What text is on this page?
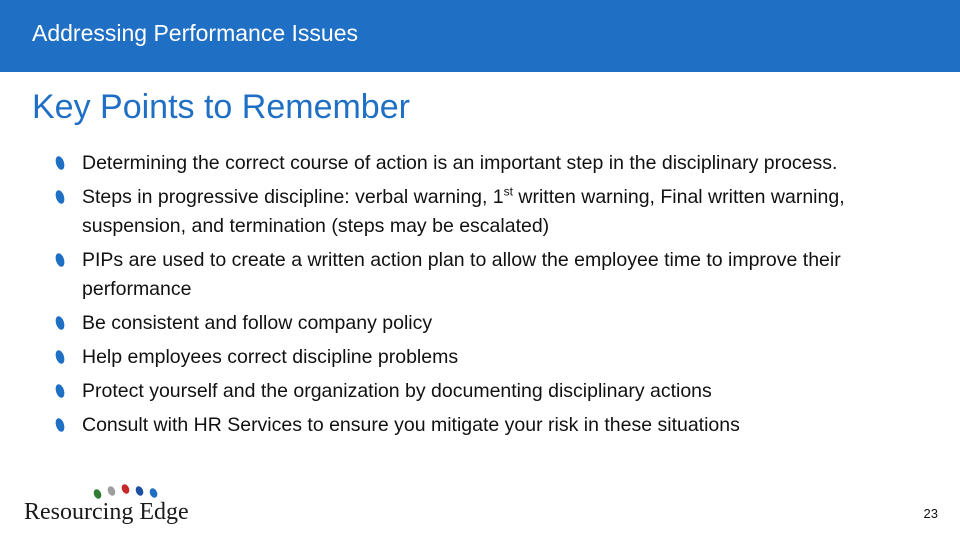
Addressing Performance Issues
Key Points to Remember
Determining the correct course of action is an important step in the disciplinary process.
Steps in progressive discipline: verbal warning, 1st written warning, Final written warning, suspension, and termination (steps may be escalated)
PIPs are used to create a written action plan to allow the employee time to improve their performance
Be consistent and follow company policy
Help employees correct discipline problems
Protect yourself and the organization by documenting disciplinary actions
Consult with HR Services to ensure you mitigate your risk in these situations
Resourcing Edge	23
